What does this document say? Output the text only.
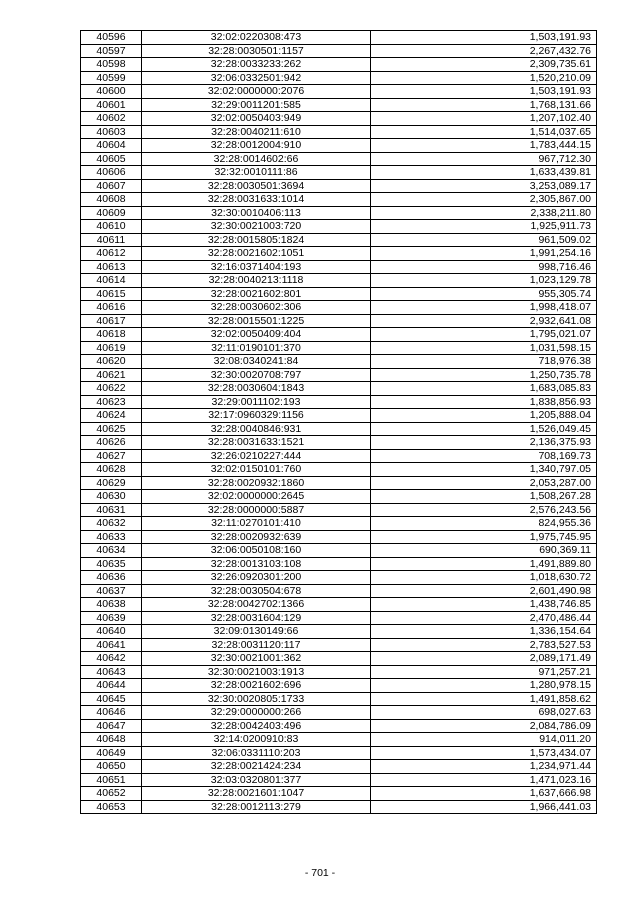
40596	32:02:0220308:473	1,503,191.93
40597	32:28:0030501:1157	2,267,432.76
40598	32:28:0033233:262	2,309,735.61
40599	32:06:0332501:942	1,520,210.09
40600	32:02:0000000:2076	1,503,191.93
40601	32:29:0011201:585	1,768,131.66
40602	32:02:0050403:949	1,207,102.40
40603	32:28:0040211:610	1,514,037.65
40604	32:28:0012004:910	1,783,444.15
40605	32:28:0014602:66	967,712.30
40606	32:32:0010111:86	1,633,439.81
40607	32:28:0030501:3694	3,253,089.17
40608	32:28:0031633:1014	2,305,867.00
40609	32:30:0010406:113	2,338,211.80
40610	32:30:0021003:720	1,925,911.73
40611	32:28:0015805:1824	961,509.02
40612	32:28:0021602:1051	1,991,254.16
40613	32:16:0371404:193	998,716.46
40614	32:28:0040213:1118	1,023,129.78
40615	32:28:0021602:801	955,305.74
40616	32:28:0030602:306	1,998,418.07
40617	32:28:0015501:1225	2,932,641.08
40618	32:02:0050409:404	1,795,021.07
40619	32:11:0190101:370	1,031,598.15
40620	32:08:0340241:84	718,976.38
40621	32:30:0020708:797	1,250,735.78
40622	32:28:0030604:1843	1,683,085.83
40623	32:29:0011102:193	1,838,856.93
40624	32:17:0960329:1156	1,205,888.04
40625	32:28:0040846:931	1,526,049.45
40626	32:28:0031633:1521	2,136,375.93
40627	32:26:0210227:444	708,169.73
40628	32:02:0150101:760	1,340,797.05
40629	32:28:0020932:1860	2,053,287.00
40630	32:02:0000000:2645	1,508,267.28
40631	32:28:0000000:5887	2,576,243.56
40632	32:11:0270101:410	824,955.36
40633	32:28:0020932:639	1,975,745.95
40634	32:06:0050108:160	690,369.11
40635	32:28:0013103:108	1,491,889.80
40636	32:26:0920301:200	1,018,630.72
40637	32:28:0030504:678	2,601,490.98
40638	32:28:0042702:1366	1,438,746.85
40639	32:28:0031604:129	2,470,486.44
40640	32:09:0130149:66	1,336,154.64
40641	32:28:0031120:117	2,783,527.53
40642	32:30:0021001:362	2,089,171.49
40643	32:30:0021003:1913	971,257.21
40644	32:28:0021602:696	1,280,978.15
40645	32:30:0020805:1733	1,491,858.62
40646	32:29:0000000:266	698,027.63
40647	32:28:0042403:496	2,084,786.09
40648	32:14:0200910:83	914,011.20
40649	32:06:0331110:203	1,573,434.07
40650	32:28:0021424:234	1,234,971.44
40651	32:03:0320801:377	1,471,023.16
40652	32:28:0021601:1047	1,637,666.98
40653	32:28:0012113:279	1,966,441.03
- 701 -
